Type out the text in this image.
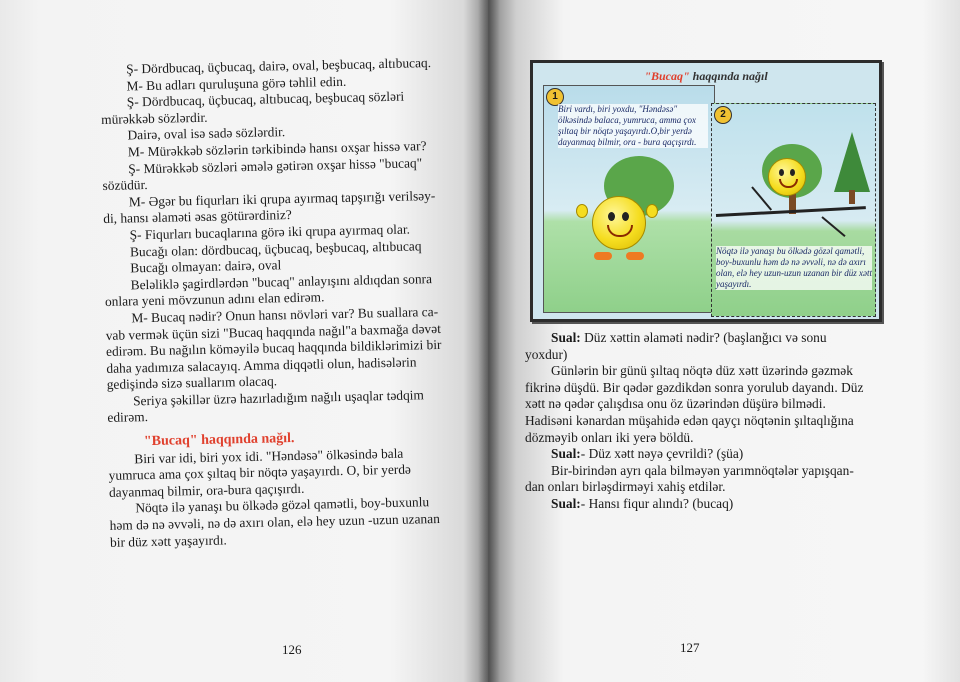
Ş- Dördbucaq, üçbucaq, dairə, oval, beşbucaq, altıbucaq.
M- Bu adları quruluşuna görə təhlil edin.
Ş- Dördbucaq, üçbucaq, altıbucaq, beşbucaq sözləri
mürəkkəb sözlərdir.
Dairə, oval isə sadə sözlərdir.
M- Mürəkkəb sözlərin tərkibində hansı oxşar hissə var?
Ş- Mürəkkəb sözləri əmələ gətirən oxşar hissə "bucaq"
sözüdür.
M- Əgər bu fiqurları iki qrupa ayırmaq tapşırığı verilsəy-
di, hansı əlaməti əsas götürərdiniz?
Ş- Fiqurları bucaqlarına görə iki qrupa ayırmaq olar.
Bucağı olan: dördbucaq, üçbucaq, beşbucaq, altıbucaq
Bucağı olmayan: dairə, oval
Beləliklə şagirdlərdən "bucaq" anlayışını aldıqdan sonra
onlara yeni mövzunun adını elan edirəm.
M- Bucaq nədir? Onun hansı növləri var? Bu suallara ca-
vab vermək üçün sizi "Bucaq haqqında nağıl"a baxmağa dəvət
edirəm. Bu nağılın köməyilə bucaq haqqında bildiklərimizi bir
daha yadımıza salacayıq. Amma diqqətli olun, hadisələrin
gedişində sizə suallarım olacaq.
Seriya şəkillər üzrə hazırladığım nağılı uşaqlar tədqim
edirəm.
"Bucaq" haqqında nağıl.
Biri var idi, biri yox idi. "Həndəsə" ölkəsində bala
yumruca ama çox şıltaq bir nöqtə yaşayırdı. O, bir yerdə
dayanmaq bilmir, ora-bura qaçışırdı.
Nöqtə ilə yanaşı bu ölkədə gözəl qamətli, boy-buxunlu
həm də nə əvvəli, nə də axırı olan, elə hey uzun -uzun uzanan
bir düz xətt yaşayırdı.
126
"Bucaq" haqqında nağıl
1
Biri vardı, biri yoxdu, "Həndəsə" ölkəsində balaca, yumruca, amma çox şıltaq bir nöqtə yaşayırdı.O,bir yerdə dayanmaq bilmir, ora - bura qaçışırdı.
2
Nöqtə ilə yanaşı bu ölkədə gözəl qamətli, boy-buxunlu həm də nə əvvəli, nə də axırı olan, elə hey uzun-uzun uzanan bir düz xətt yaşayırdı.
Sual: Düz xəttin əlaməti nədir? (başlanğıcı və sonu
yoxdur)
Günlərin bir günü şıltaq nöqtə düz xətt üzərində gəzmək
fikrinə düşdü. Bir qədər gəzdikdən sonra yorulub dayandı. Düz
xətt nə qədər çalışdısa onu öz üzərindən düşürə bilmədi.
Hadisəni kənardan müşahidə edən qayçı nöqtənin şıltaqlığına
dözməyib onları iki yerə böldü.
Sual:- Düz xətt nəyə çevrildi? (şüa)
Bir-birindən ayrı qala bilməyən yarımnöqtələr yapışqan-
dan onları birləşdirməyi xahiş etdilər.
Sual:- Hansı fiqur alındı? (bucaq)
127
